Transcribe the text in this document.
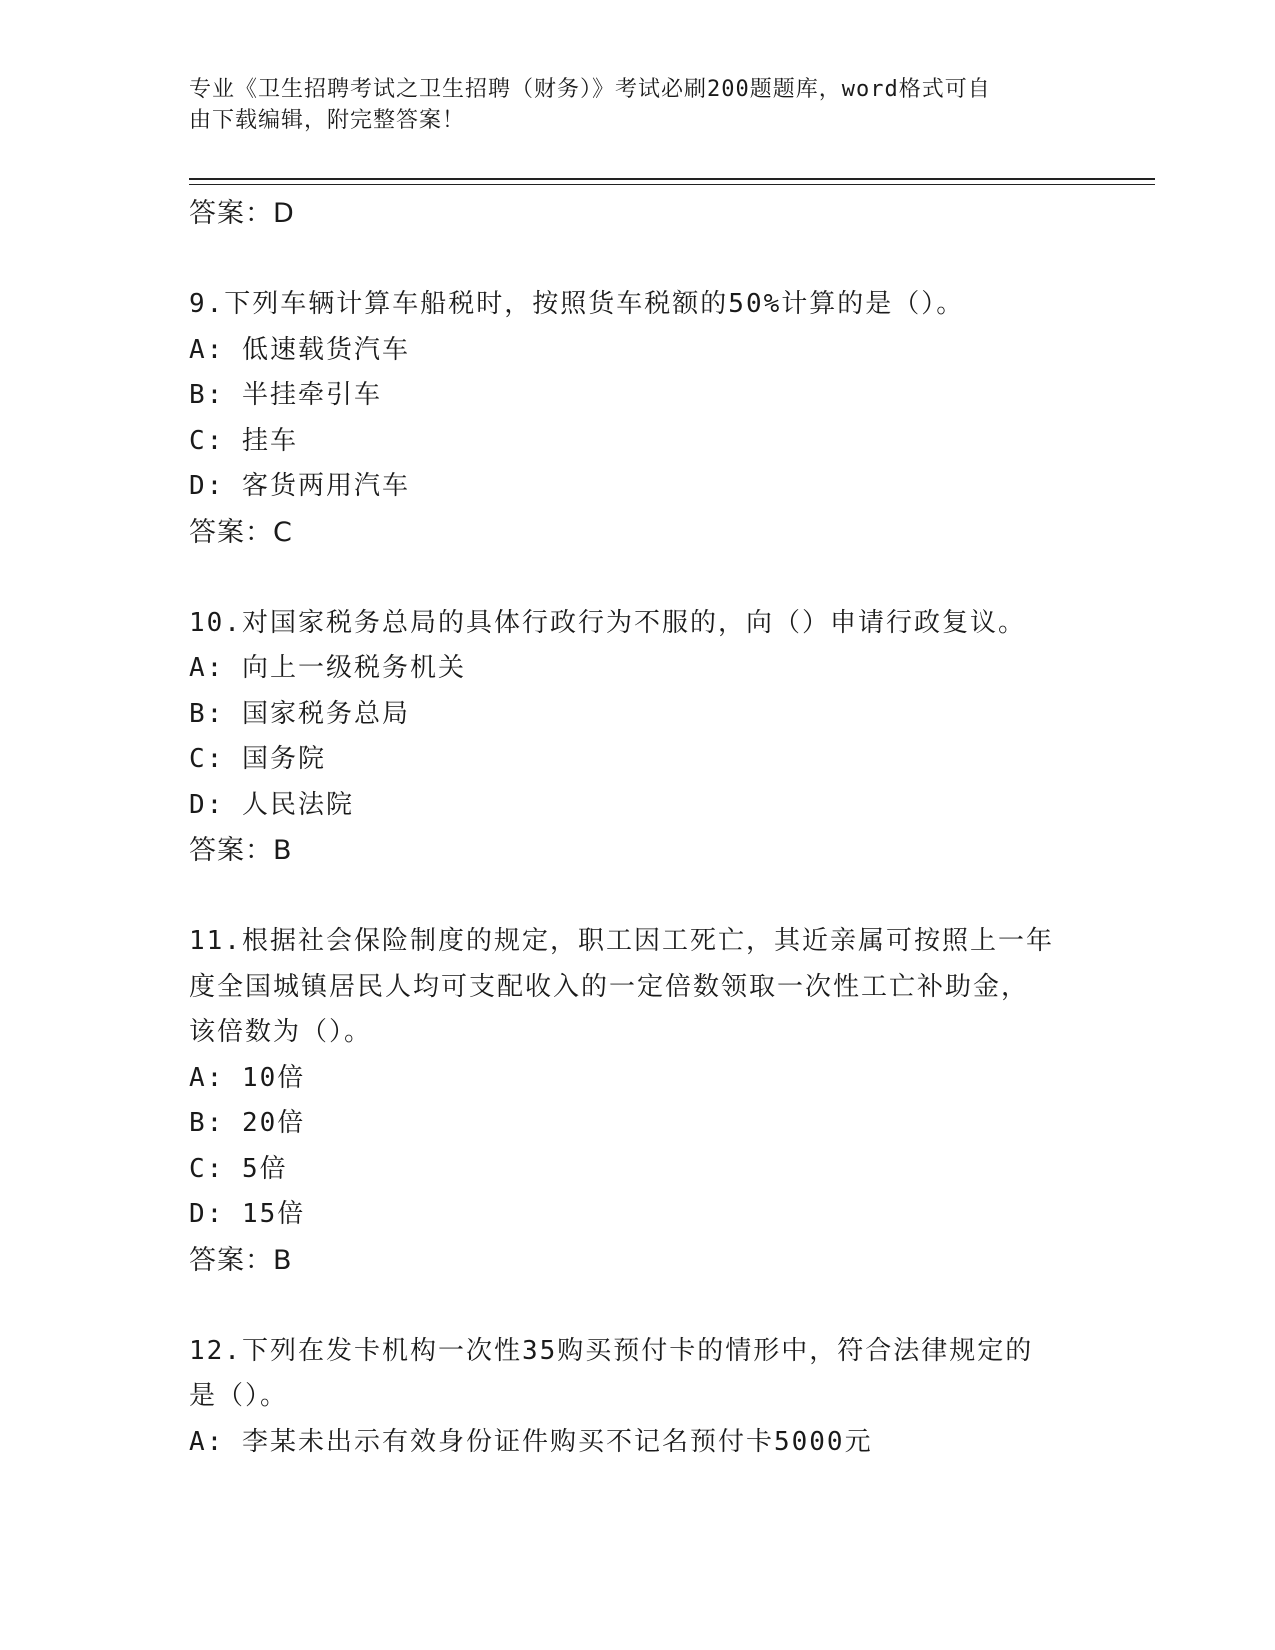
专业《卫生招聘考试之卫生招聘（财务）》考试必刷200题题库，word格式可自
由下载编辑，附完整答案！
答案：D
9.下列车辆计算车船税时，按照货车税额的50%计算的是（）。
A: 低速载货汽车
B: 半挂牵引车
C: 挂车
D: 客货两用汽车
答案：C
10.对国家税务总局的具体行政行为不服的，向（）申请行政复议。
A: 向上一级税务机关
B: 国家税务总局
C: 国务院
D: 人民法院
答案：B
11.根据社会保险制度的规定，职工因工死亡，其近亲属可按照上一年
度全国城镇居民人均可支配收入的一定倍数领取一次性工亡补助金，
该倍数为（）。
A: 10倍
B: 20倍
C: 5倍
D: 15倍
答案：B
12.下列在发卡机构一次性35购买预付卡的情形中，符合法律规定的
是（）。
A: 李某未出示有效身份证件购买不记名预付卡5000元
